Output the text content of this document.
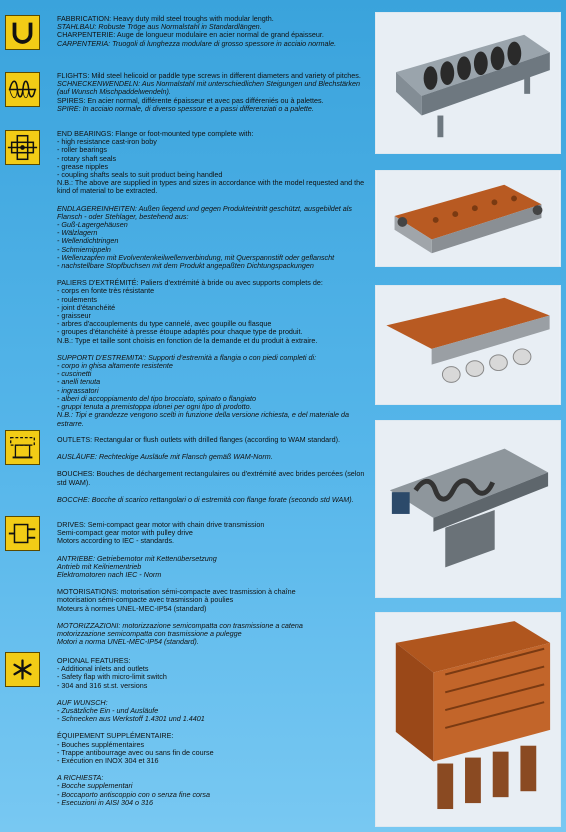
FABBRICATION: Heavy duty mild steel troughs with modular length.

STAHLBAU: Robuste Tröge aus Normalstahl in Standardlängen.

CHARPENTERIE: Auge de longueur modulaire en acier normal de grand épaisseur.

CARPENTERIA: Truogoli di lunghezza modulare di grosso spessore in acciaio normale.

FLIGHTS: Mild steel helicoid or paddle type screws in different diameters and variety of pitches.

SCHNECKENWENDELN: Aus Normalstahl mit unterschiedlichen Steigungen und Blechstärken (auf Wunsch Mischpaddelwendeln).

SPIRES: En acier normal, différente épaisseur et avec pas différeniés ou à palettes.

SPIRE: In acciaio normale, di diverso spessore e a passi differenziati o a palette.

END BEARINGS: Flange or foot-mounted type complete with:

- high resistance cast-iron boby

- roller bearings

- rotary shaft seals

- grease nipples

- coupling shafts seals to suit product being handled

N.B.: The above are supplied in types and sizes in accordance with the model requested and the kind of material to be extracted.

ENDLAGEREINHEITEN: Außen liegend und gegen Produkteintritt geschützt, ausgebildet als Flansch - oder Stehlager, bestehend aus:

- Guß-Lagergehäusen

- Wälzlagern

- Wellendichtringen

- Schmiernippeln

- Wellenzapfen mit Evolventenkeilwellenverbindung, mit Querspannstift oder geflanscht

- nachstellbare Stopfbuchsen mit dem Produkt angepaßten Dichtungspackungen

PALIERS D'EXTRÉMITÉ: Paliers d'extrémité à bride ou avec supports complets de:

- corps en fonte très résistante

- roulements

- joint d'étanchéité

- graisseur

- arbres d'accouplements du type cannelé, avec goupille ou flasque

- groupes d'étanchéité à presse étoupe adaptés pour chaque type de produit.

N.B.: Type et taille sont choisis en fonction de la demande et du produit à extraire.

SUPPORTI D'ESTREMITA': Supporti d'estremità a flangia o con piedi completi di:

- corpo in ghisa altamente resistente

- cuscinetti

- anelli tenuta

- ingrassatori

- alberi di accoppiamento del tipo brocciato, spinato o flangiato

- gruppi tenuta a premistoppa idonei per ogni tipo di prodotto.

N.B.: Tipi e grandezze vengono scelti in funzione della versione richiesta, e del materiale da estrarre.

OUTLETS: Rectangular or flush outlets with drilled flanges (according to WAM standard).

AUSLÄUFE: Rechteckige Ausläufe mit Flansch gemäß WAM-Norm.

BOUCHES: Bouches de déchargement rectangulaires ou d'extrémité avec brides percées (selon std WAM).

BOCCHE: Bocche di scarico rettangolari o di estremità con flange forate (secondo std WAM).

DRIVES: Semi-compact gear motor with chain drive transmission

Semi-compact gear motor with pulley drive

Motors according to IEC - standards.

ANTRIEBE: Getriebemotor mit Kettenübersetzung

Antrieb mit Keilriementrieb

Elektromotoren nach IEC - Norm

MOTORISATIONS: motorisation sémi-compacte avec trasmission à chaîne

motorisation sémi-compacte avec trasmission à poulies

Moteurs à normes UNEL-MEC-IP54 (standard)

MOTORIZZAZIONI: motorizzazione semicompatta con trasmissione a catena

motorizzazione semicompatta con trasmissione a pulegge

Motori a norma UNEL-MEC-IP54 (standard).

OPIONAL FEATURES:

- Additional inlets and outlets

- Safety flap with micro-limit switch

- 304 and 316 st.st. versions

AUF WUNSCH:

- Zusätzliche Ein - und Ausläufe

- Schnecken aus Werkstoff 1.4301 und 1.4401

ÉQUIPEMENT SUPPLÉMENTAIRE:

- Bouches supplémentaires

- Trappe antibourrage avec ou sans fin de course

- Exécution en INOX 304 et 316

A RICHIESTA:

- Bocche supplementari

- Boccaporto antiscoppio con o senza fine corsa

- Esecuzioni in AISI 304 o 316
